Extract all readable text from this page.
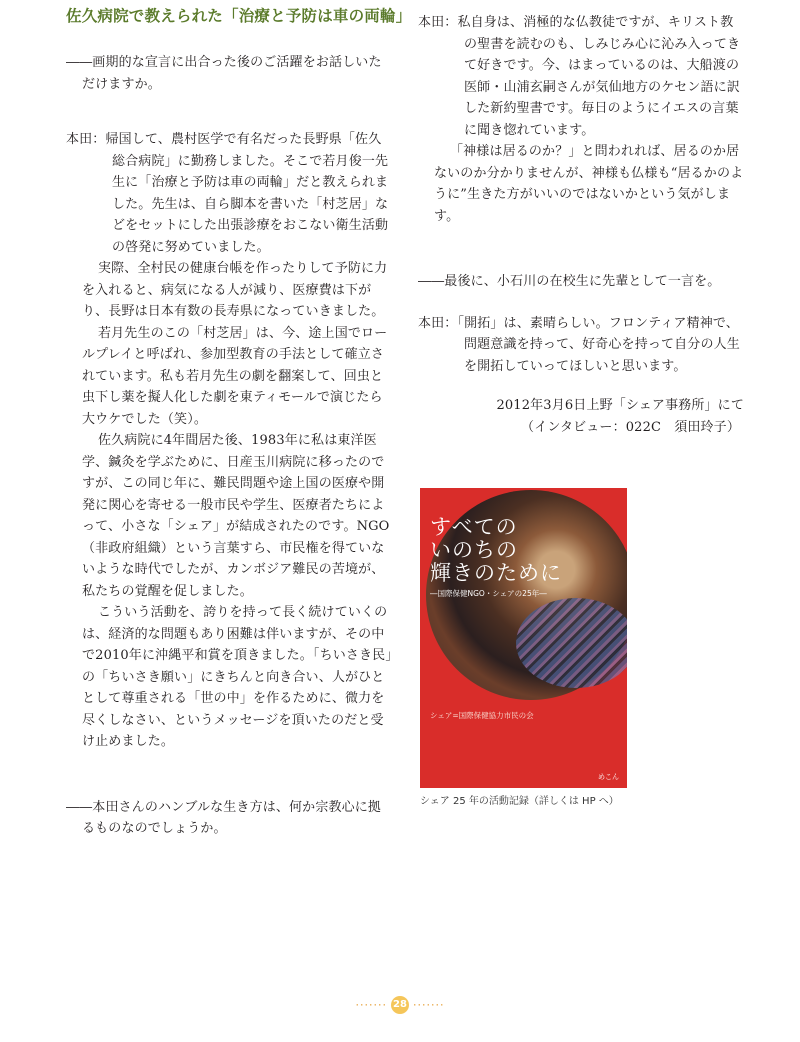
佐久病院で教えられた「治療と予防は車の両輪」

――画期的な宣言に出合った後のご活躍をお話しいただけますか。

本田：帰国して、農村医学で有名だった長野県「佐久総合病院」に勤務しました。そこで若月俊一先生に「治療と予防は車の両輪」だと教えられました。先生は、自ら脚本を書いた「村芝居」などをセットにした出張診療をおこない衛生活動の啓発に努めていました。

実際、全村民の健康台帳を作ったりして予防に力を入れると、病気になる人が減り、医療費は下がり、長野は日本有数の長寿県になっていきました。

若月先生のこの「村芝居」は、今、途上国でロールプレイと呼ばれ、参加型教育の手法として確立されています。私も若月先生の劇を翻案して、回虫と虫下し薬を擬人化した劇を東ティモールで演じたら大ウケでした（笑）。

佐久病院に4年間居た後、1983年に私は東洋医学、鍼灸を学ぶために、日産玉川病院に移ったのですが、この同じ年に、難民問題や途上国の医療や開発に関心を寄せる一般市民や学生、医療者たちによって、小さな「シェア」が結成されたのです。NGO（非政府組織）という言葉すら、市民権を得ていないような時代でしたが、カンボジア難民の苦境が、私たちの覚醒を促しました。

こういう活動を、誇りを持って長く続けていくのは、経済的な問題もあり困難は伴いますが、その中で2010年に沖縄平和賞を頂きました。「ちいさき民」の「ちいさき願い」にきちんと向き合い、人がひととして尊重される「世の中」を作るために、微力を尽くしなさい、というメッセージを頂いたのだと受け止めました。

――本田さんのハンブルな生き方は、何か宗教心に拠るものなのでしょうか。

本田：私自身は、消極的な仏教徒ですが、キリスト教の聖書を読むのも、しみじみ心に沁み入ってきて好きです。今、はまっているのは、大船渡の医師・山浦玄嗣さんが気仙地方のケセン語に訳した新約聖書です。毎日のようにイエスの言葉に聞き惚れています。

「神様は居るのか？」と問われれば、居るのか居ないのか分かりませんが、神様も仏様も“居るかのように”生きた方がいいのではないかという気がします。

――最後に、小石川の在校生に先輩として一言を。

本田：「開拓」は、素晴らしい。フロンティア精神で、問題意識を持って、好奇心を持って自分の人生を開拓していってほしいと思います。

2012年3月6日上野「シェア事務所」にて

（インタビュー：022C　須田玲子）

すべての
いのちの
輝きのために
―国際保健NGO・シェアの25年―
シェア=国際保健協力市民の会
めこん
シェア 25 年の活動記録（詳しくは HP へ）
······· 28 ·······
